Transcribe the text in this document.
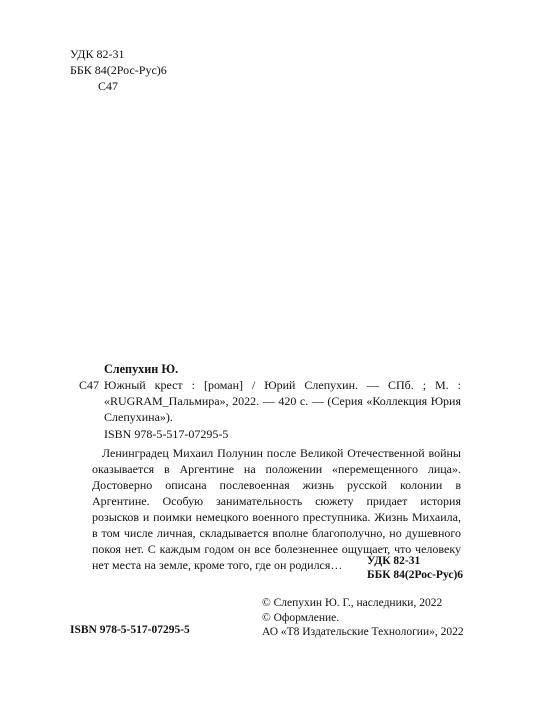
УДК 82-31
ББК 84(2Рос-Рус)6
С47
Слепухин Ю.
С47 Южный крест : [роман] / Юрий Слепухин. — СПб. ; М. : «RUGRAM_Пальмира», 2022. — 420 с. — (Серия «Коллекция Юрия Слепухина»).
ISBN 978-5-517-07295-5

Ленинградец Михаил Полунин после Великой Отечественной войны оказывается в Аргентине на положении «перемещенного лица». Достоверно описана послевоенная жизнь русской колонии в Аргентине. Особую занимательность сюжету придает история розысков и поимки немецкого военного преступника. Жизнь Михаила, в том числе личная, складывается вполне благополучно, но душевного покоя нет. С каждым годом он все болезненнее ощущает, что человеку нет места на земле, кроме того, где он родился…	УДК 82-31
ББК 84(2Рос-Рус)6
© Слепухин Ю. Г., наследники, 2022
© Оформление.
АО «Т8 Издательские Технологии», 2022
ISBN 978-5-517-07295-5
